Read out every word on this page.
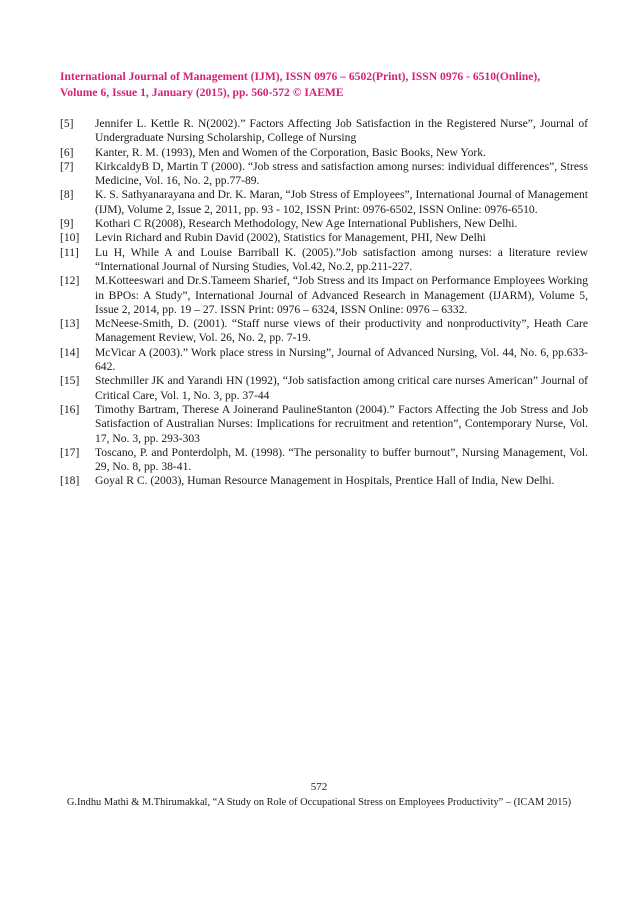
International Journal of Management (IJM), ISSN 0976 – 6502(Print), ISSN 0976 - 6510(Online),
Volume 6, Issue 1, January (2015), pp. 560-572 © IAEME
[5]	Jennifer L. Kettle R. N(2002).” Factors Affecting Job Satisfaction in the Registered Nurse”, Journal of Undergraduate Nursing Scholarship, College of Nursing
[6]	Kanter, R. M. (1993), Men and Women of the Corporation, Basic Books, New York.
[7]	KirkcaldyB D, Martin T (2000). “Job stress and satisfaction among nurses: individual differences”, Stress Medicine, Vol. 16, No. 2, pp.77-89.
[8]	K. S. Sathyanarayana and Dr. K. Maran, “Job Stress of Employees”, International Journal of Management (IJM), Volume 2, Issue 2, 2011, pp. 93 - 102, ISSN Print: 0976-6502, ISSN Online: 0976-6510.
[9]	Kothari C R(2008), Research Methodology, New Age International Publishers, New Delhi.
[10]	Levin Richard and Rubin David (2002), Statistics for Management, PHI, New Delhi
[11]	Lu H, While A and Louise Barriball K. (2005).”Job satisfaction among nurses: a literature review “International Journal of Nursing Studies, Vol.42, No.2, pp.211-227.
[12]	M.Kotteeswari and Dr.S.Tameem Sharief, “Job Stress and its Impact on Performance Employees Working in BPOs: A Study”, International Journal of Advanced Research in Management (IJARM), Volume 5, Issue 2, 2014, pp. 19 – 27. ISSN Print: 0976 – 6324, ISSN Online: 0976 – 6332.
[13]	McNeese-Smith, D. (2001). “Staff nurse views of their productivity and nonproductivity”, Heath Care Management Review, Vol. 26, No. 2, pp. 7-19.
[14]	McVicar A (2003).” Work place stress in Nursing”, Journal of Advanced Nursing, Vol. 44, No. 6, pp.633-642.
[15]	Stechmiller JK and Yarandi HN (1992), “Job satisfaction among critical care nurses American” Journal of Critical Care, Vol. 1, No. 3, pp. 37-44
[16]	Timothy Bartram, Therese A Joinerand PaulineStanton (2004).” Factors Affecting the Job Stress and Job Satisfaction of Australian Nurses: Implications for recruitment and retention”, Contemporary Nurse, Vol. 17, No. 3, pp. 293-303
[17]	Toscano, P. and Ponterdolph, M. (1998). “The personality to buffer burnout”, Nursing Management, Vol. 29, No. 8, pp. 38-41.
[18]	Goyal R C. (2003), Human Resource Management in Hospitals, Prentice Hall of India, New Delhi.
572
G.Indhu Mathi & M.Thirumakkal, “A Study on Role of Occupational Stress on Employees Productivity” – (ICAM 2015)
